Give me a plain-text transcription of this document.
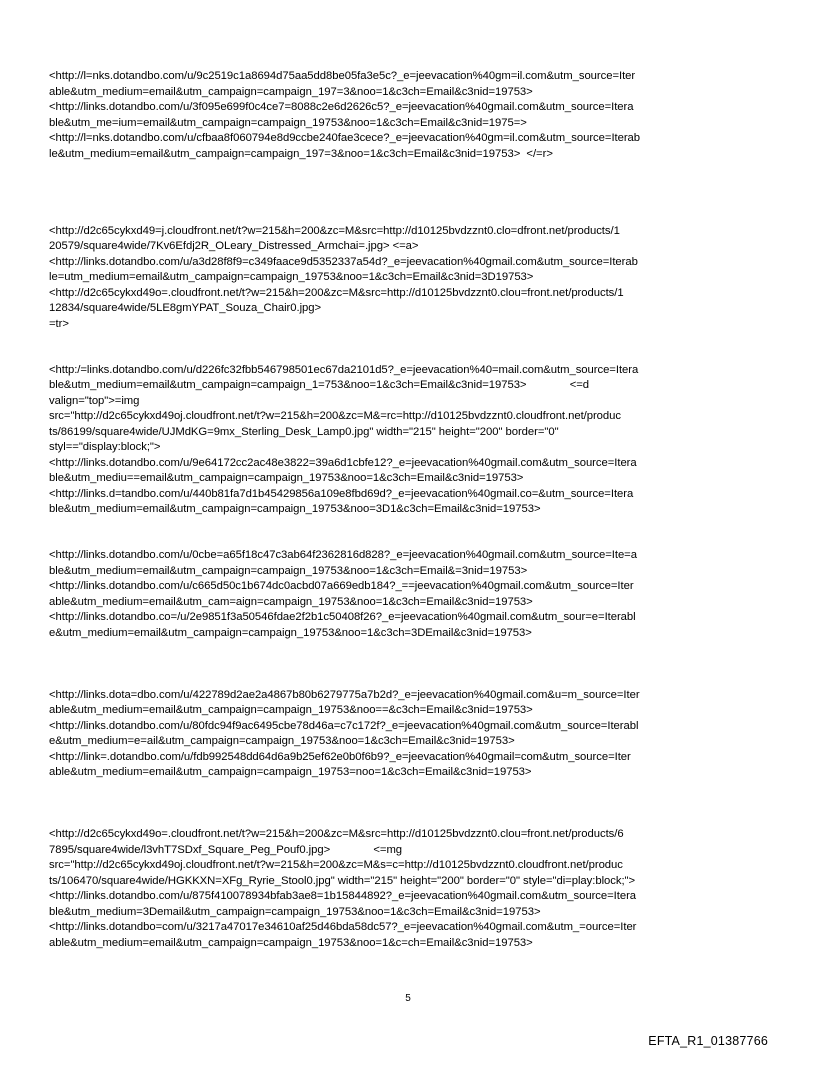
<http://l=nks.dotandbo.com/u/9c2519c1a8694d75aa5dd8be05fa3e5c?_e=jeevacation%40gm=il.com&utm_source=Iter
able&utm_medium=email&utm_campaign=campaign_197=3&noo=1&c3ch=Email&c3nid=19753>
<http://links.dotandbo.com/u/3f095e699f0c4ce7=8088c2e6d2626c5?_e=jeevacation%40gmail.com&utm_source=Itera
ble&utm_me=ium=email&utm_campaign=campaign_19753&noo=1&c3ch=Email&c3nid=1975=>
<http://l=nks.dotandbo.com/u/cfbaa8f060794e8d9ccbe240fae3cece?_e=jeevacation%40gm=il.com&utm_source=Iterab
le&utm_medium=email&utm_campaign=campaign_197=3&noo=1&c3ch=Email&c3nid=19753>  </=r>
<http://d2c65cykxd49=j.cloudfront.net/t?w=215&h=200&zc=M&src=http://d10125bvdzznt0.clo=dfront.net/products/1
20579/square4wide/7Kv6Efdj2R_OLeary_Distressed_Armchai=.jpg> <=a>
<http://links.dotandbo.com/u/a3d28f8f9=c349faace9d5352337a54d?_e=jeevacation%40gmail.com&utm_source=Iterab
le=utm_medium=email&utm_campaign=campaign_19753&noo=1&c3ch=Email&c3nid=3D19753>
<http://d2c65cykxd49o=.cloudfront.net/t?w=215&h=200&zc=M&src=http://d10125bvdzznt0.clou=front.net/products/1
12834/square4wide/5LE8gmYPAT_Souza_Chair0.jpg>
=tr>
<http:/=links.dotandbo.com/u/d226fc32fbb546798501ec67da2101d5?_e=jeevacation%40=mail.com&utm_source=Itera
ble&utm_medium=email&utm_campaign=campaign_1=753&noo=1&c3ch=Email&c3nid=19753>              <=d
valign="top">=img
src="http://d2c65cykxd49oj.cloudfront.net/t?w=215&h=200&zc=M&=rc=http://d10125bvdzznt0.cloudfront.net/produc
ts/86199/square4wide/UJMdKG=9mx_Sterling_Desk_Lamp0.jpg" width="215" height="200" border="0"
styl=="display:block;">
<http://links.dotandbo.com/u/9e64172cc2ac48e3822=39a6d1cbfe12?_e=jeevacation%40gmail.com&utm_source=Itera
ble&utm_mediu==email&utm_campaign=campaign_19753&noo=1&c3ch=Email&c3nid=19753>
<http://links.d=tandbo.com/u/440b81fa7d1b45429856a109e8fbd69d?_e=jeevacation%40gmail.co=&utm_source=Itera
ble&utm_medium=email&utm_campaign=campaign_19753&noo=3D1&c3ch=Email&c3nid=19753>
<http://links.dotandbo.com/u/0cbe=a65f18c47c3ab64f2362816d828?_e=jeevacation%40gmail.com&utm_source=Ite=a
ble&utm_medium=email&utm_campaign=campaign_19753&noo=1&c3ch=Email&=3nid=19753>
<http://links.dotandbo.com/u/c665d50c1b674dc0acbd07a669edb184?_==jeevacation%40gmail.com&utm_source=Iter
able&utm_medium=email&utm_cam=aign=campaign_19753&noo=1&c3ch=Email&c3nid=19753>
<http://links.dotandbo.co=/u/2e9851f3a50546fdae2f2b1c50408f26?_e=jeevacation%40gmail.com&utm_sour=e=Iterabl
e&utm_medium=email&utm_campaign=campaign_19753&noo=1&c3ch=3DEmail&c3nid=19753>
<http://links.dota=dbo.com/u/422789d2ae2a4867b80b6279775a7b2d?_e=jeevacation%40gmail.com&u=m_source=Iter
able&utm_medium=email&utm_campaign=campaign_19753&noo==&c3ch=Email&c3nid=19753>
<http://links.dotandbo.com/u/80fdc94f9ac6495cbe78d46a=c7c172f?_e=jeevacation%40gmail.com&utm_source=Iterabl
e&utm_medium=e=ail&utm_campaign=campaign_19753&noo=1&c3ch=Email&c3nid=19753>
<http://link=.dotandbo.com/u/fdb992548dd64d6a9b25ef62e0b0f6b9?_e=jeevacation%40gmail=com&utm_source=Iter
able&utm_medium=email&utm_campaign=campaign_19753=noo=1&c3ch=Email&c3nid=19753>
<http://d2c65cykxd49o=.cloudfront.net/t?w=215&h=200&zc=M&src=http://d10125bvdzznt0.clou=front.net/products/6
7895/square4wide/l3vhT7SDxf_Square_Peg_Pouf0.jpg>              <=mg
src="http://d2c65cykxd49oj.cloudfront.net/t?w=215&h=200&zc=M&s=c=http://d10125bvdzznt0.cloudfront.net/produc
ts/106470/square4wide/HGKKXN=XFg_Ryrie_Stool0.jpg" width="215" height="200" border="0" style="di=play:block;">
<http://links.dotandbo.com/u/875f410078934bfab3ae8=1b15844892?_e=jeevacation%40gmail.com&utm_source=Itera
ble&utm_medium=3Demail&utm_campaign=campaign_19753&noo=1&c3ch=Email&c3nid=19753>
<http://links.dotandbo=com/u/3217a47017e34610af25d46bda58dc57?_e=jeevacation%40gmail.com&utm_=ource=Iter
able&utm_medium=email&utm_campaign=campaign_19753&noo=1&c=ch=Email&c3nid=19753>
5
EFTA_R1_01387766
